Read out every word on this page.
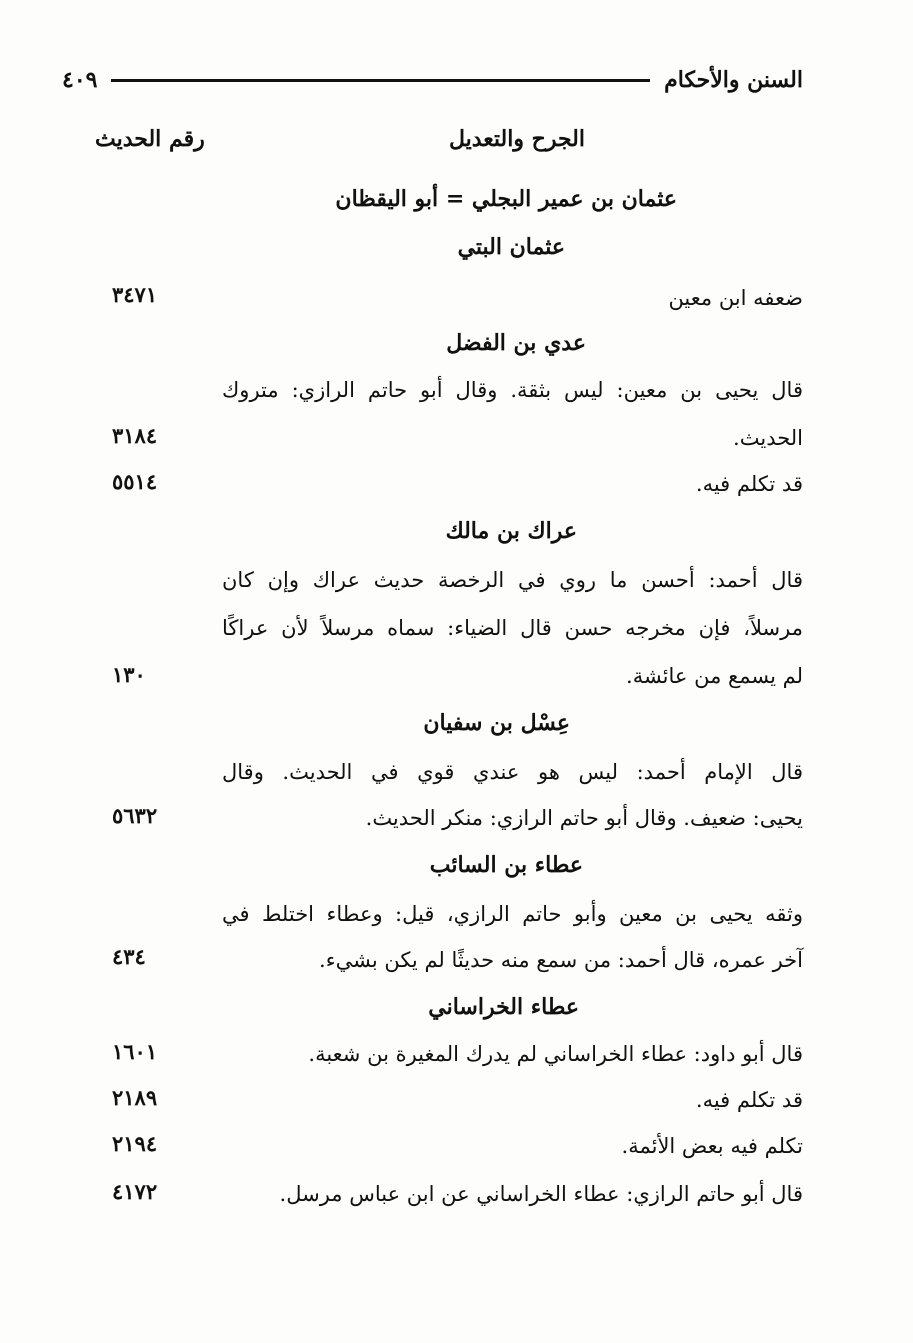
السنن والأحكام
٤٠٩
الجرح والتعديل
رقم الحديث
عثمان بن عمير البجلي = أبو اليقظان
عثمان البتي
ضعفه ابن معين
٣٤٧١
عدي بن الفضل
قال يحيى بن معين: ليس بثقة. وقال أبو حاتم الرازي: متروك
الحديث.
٣١٨٤
قد تكلم فيه.
٥٥١٤
عراك بن مالك
قال أحمد: أحسن ما روي في الرخصة حديث عراك وإن كان
مرسلاً، فإن مخرجه حسن قال الضياء: سماه مرسلاً لأن عراكًا
لم يسمع من عائشة.
١٣٠
عِسْل بن سفيان
قال الإمام أحمد: ليس هو عندي قوي في الحديث. وقال
يحيى: ضعيف. وقال أبو حاتم الرازي: منكر الحديث.
٥٦٣٢
عطاء بن السائب
وثقه يحيى بن معين وأبو حاتم الرازي، قيل: وعطاء اختلط في
آخر عمره، قال أحمد: من سمع منه حديثًا لم يكن بشيء.
٤٣٤
عطاء الخراساني
قال أبو داود: عطاء الخراساني لم يدرك المغيرة بن شعبة.
١٦٠١
قد تكلم فيه.
٢١٨٩
تكلم فيه بعض الأئمة.
٢١٩٤
قال أبو حاتم الرازي: عطاء الخراساني عن ابن عباس مرسل.
٤١٧٢
